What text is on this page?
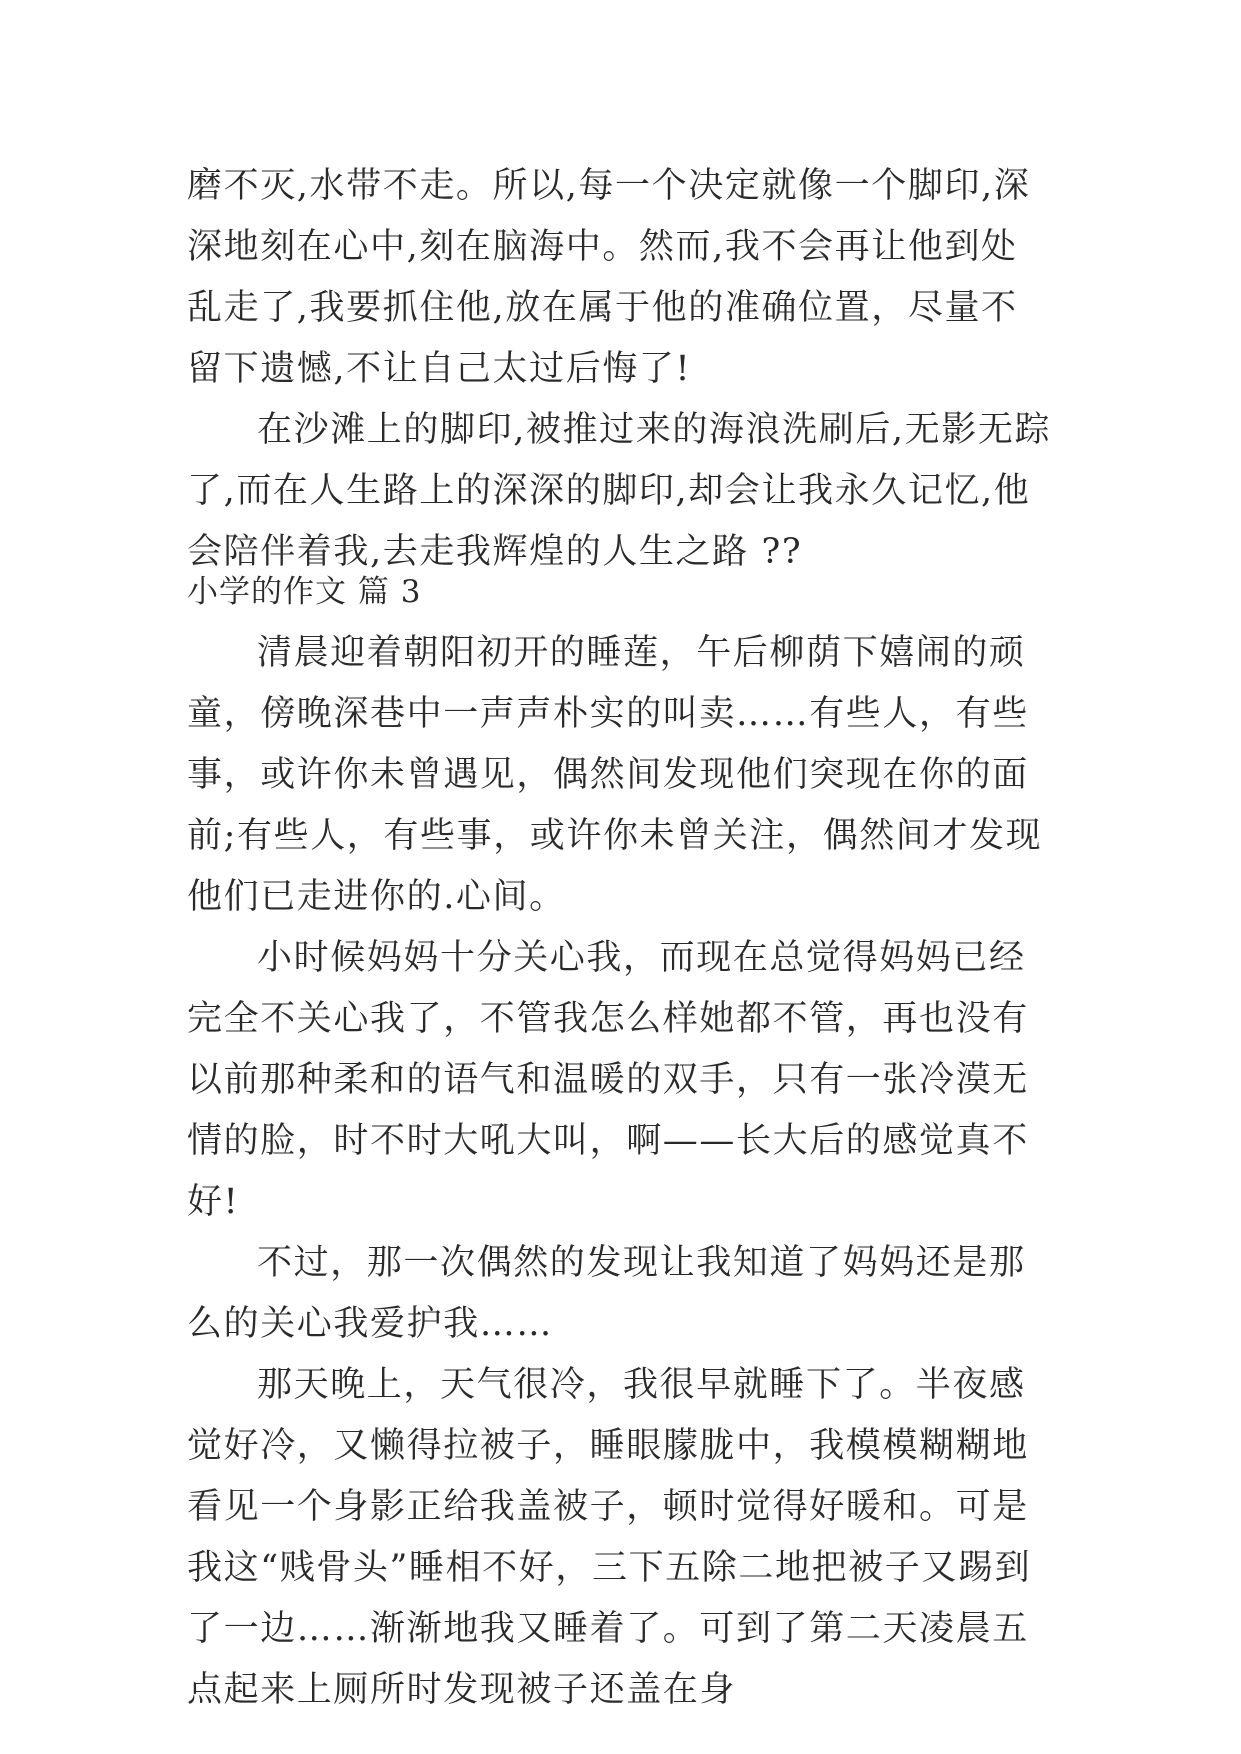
磨不灭,水带不走。所以,每一个决定就像一个脚印,深深地刻在心中,刻在脑海中。然而,我不会再让他到处乱走了,我要抓住他,放在属于他的准确位置，尽量不留下遗憾,不让自己太过后悔了!

在沙滩上的脚印,被推过来的海浪洗刷后,无影无踪了,而在人生路上的深深的脚印,却会让我永久记忆,他会陪伴着我,去走我辉煌的人生之路 ??

小学的作文 篇 3

清晨迎着朝阳初开的睡莲，午后柳荫下嬉闹的顽童，傍晚深巷中一声声朴实的叫卖……有些人，有些事，或许你未曾遇见，偶然间发现他们突现在你的面前;有些人，有些事，或许你未曾关注，偶然间才发现他们已走进你的.心间。

小时候妈妈十分关心我，而现在总觉得妈妈已经完全不关心我了，不管我怎么样她都不管，再也没有以前那种柔和的语气和温暖的双手，只有一张冷漠无情的脸，时不时大吼大叫，啊——长大后的感觉真不好!

不过，那一次偶然的发现让我知道了妈妈还是那么的关心我爱护我……

那天晚上，天气很冷，我很早就睡下了。半夜感觉好冷，又懒得拉被子，睡眼朦胧中，我模模糊糊地看见一个身影正给我盖被子，顿时觉得好暖和。可是我这“贱骨头”睡相不好，三下五除二地把被子又踢到了一边……渐渐地我又睡着了。可到了第二天凌晨五点起来上厕所时发现被子还盖在身
